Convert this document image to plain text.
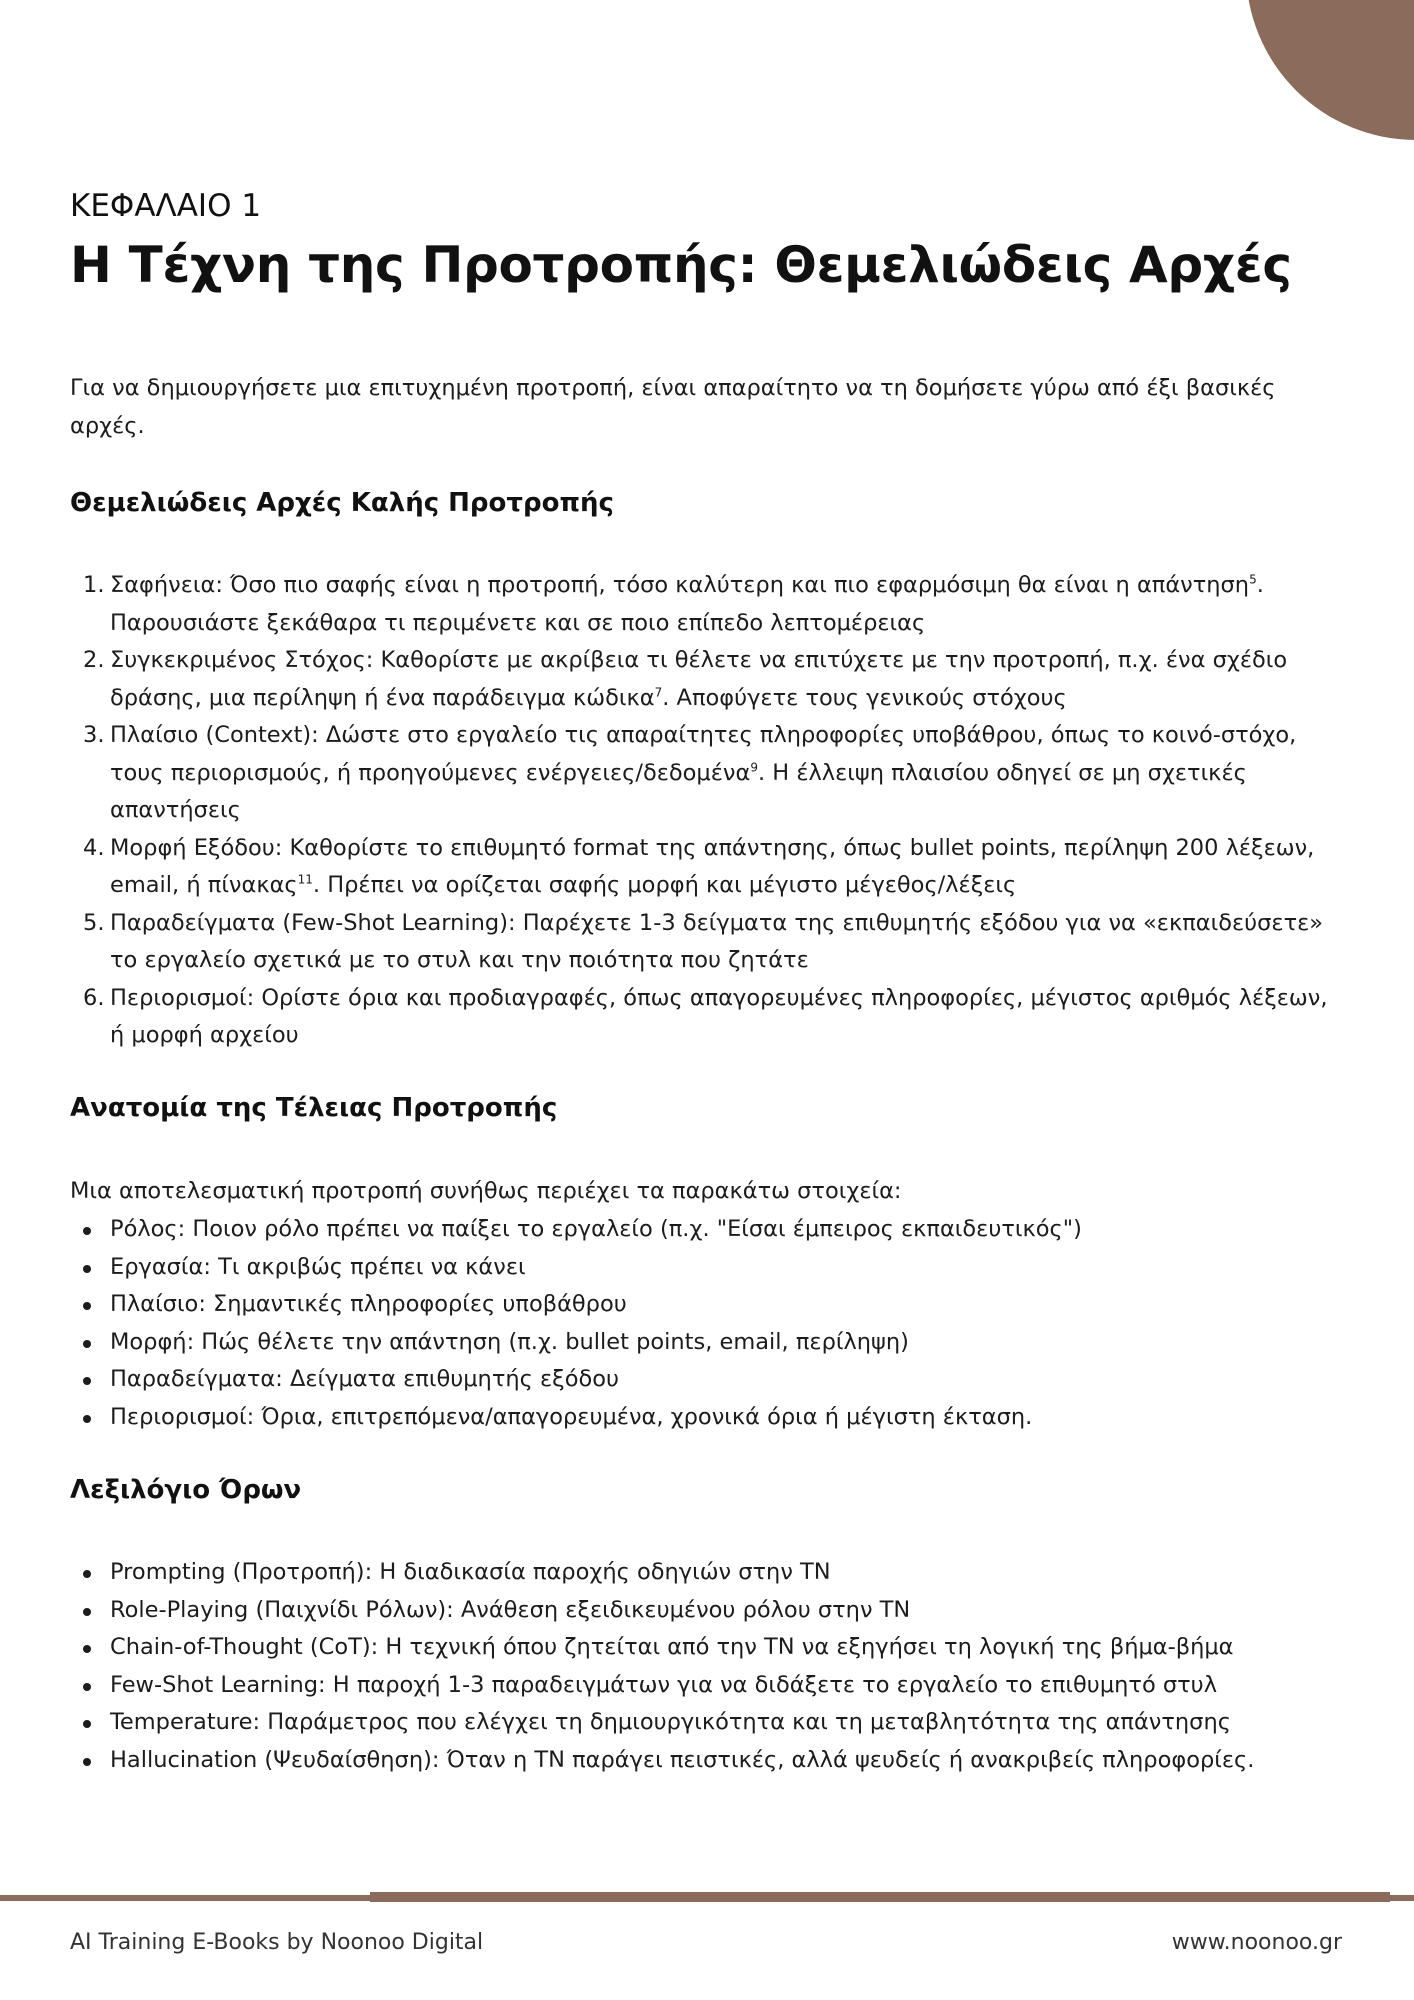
ΚΕΦΑΛΑΙΟ 1
Η Τέχνη της Προτροπής: Θεμελιώδεις Αρχές

Για να δημιουργήσετε μια επιτυχημένη προτροπή, είναι απαραίτητο να τη δομήσετε γύρω από έξι βασικές αρχές.

Θεμελιώδεις Αρχές Καλής Προτροπής
1. Σαφήνεια: Όσο πιο σαφής είναι η προτροπή, τόσο καλύτερη και πιο εφαρμόσιμη θα είναι η απάντηση$^5$. Παρουσιάστε ξεκάθαρα τι περιμένετε και σε ποιο επίπεδο λεπτομέρειας
2. Συγκεκριμένος Στόχος: Καθορίστε με ακρίβεια τι θέλετε να επιτύχετε με την προτροπή, π.χ. ένα σχέδιο δράσης, μια περίληψη ή ένα παράδειγμα κώδικα$^7$. Αποφύγετε τους γενικούς στόχους
3. Πλαίσιο (Context): Δώστε στο εργαλείο τις απαραίτητες πληροφορίες υποβάθρου, όπως το κοινό-στόχο, τους περιορισμούς, ή προηγούμενες ενέργειες/δεδομένα$^9$. Η έλλειψη πλαισίου οδηγεί σε μη σχετικές απαντήσεις
4. Μορφή Εξόδου: Καθορίστε το επιθυμητό format της απάντησης, όπως bullet points, περίληψη 200 λέξεων, email, ή πίνακας$^{11}$. Πρέπει να ορίζεται σαφής μορφή και μέγιστο μέγεθος/λέξεις
5. Παραδείγματα (Few-Shot Learning): Παρέχετε 1-3 δείγματα της επιθυμητής εξόδου για να «εκπαιδεύσετε» το εργαλείο σχετικά με το στυλ και την ποιότητα που ζητάτε
6. Περιορισμοί: Ορίστε όρια και προδιαγραφές, όπως απαγορευμένες πληροφορίες, μέγιστος αριθμός λέξεων, ή μορφή αρχείου
Ανατομία της Τέλειας Προτροπής

Μια αποτελεσματική προτροπή συνήθως περιέχει τα παρακάτω στοιχεία:

Ρόλος: Ποιον ρόλο πρέπει να παίξει το εργαλείο (π.χ. "Είσαι έμπειρος εκπαιδευτικός")
Εργασία: Τι ακριβώς πρέπει να κάνει
Πλαίσιο: Σημαντικές πληροφορίες υποβάθρου
Μορφή: Πώς θέλετε την απάντηση (π.χ. bullet points, email, περίληψη)
Παραδείγματα: Δείγματα επιθυμητής εξόδου
Περιορισμοί: Όρια, επιτρεπόμενα/απαγορευμένα, χρονικά όρια ή μέγιστη έκταση.
Λεξιλόγιο Όρων
Prompting (Προτροπή): Η διαδικασία παροχής οδηγιών στην ΤΝ
Role-Playing (Παιχνίδι Ρόλων): Ανάθεση εξειδικευμένου ρόλου στην ΤΝ
Chain-of-Thought (CoT): Η τεχνική όπου ζητείται από την ΤΝ να εξηγήσει τη λογική της βήμα-βήμα
Few-Shot Learning: Η παροχή 1-3 παραδειγμάτων για να διδάξετε το εργαλείο το επιθυμητό στυλ
Temperature: Παράμετρος που ελέγχει τη δημιουργικότητα και τη μεταβλητότητα της απάντησης
Hallucination (Ψευδαίσθηση): Όταν η ΤΝ παράγει πειστικές, αλλά ψευδείς ή ανακριβείς πληροφορίες.
AI Training E-Books by Noonoo Digital	www.noonoo.gr
